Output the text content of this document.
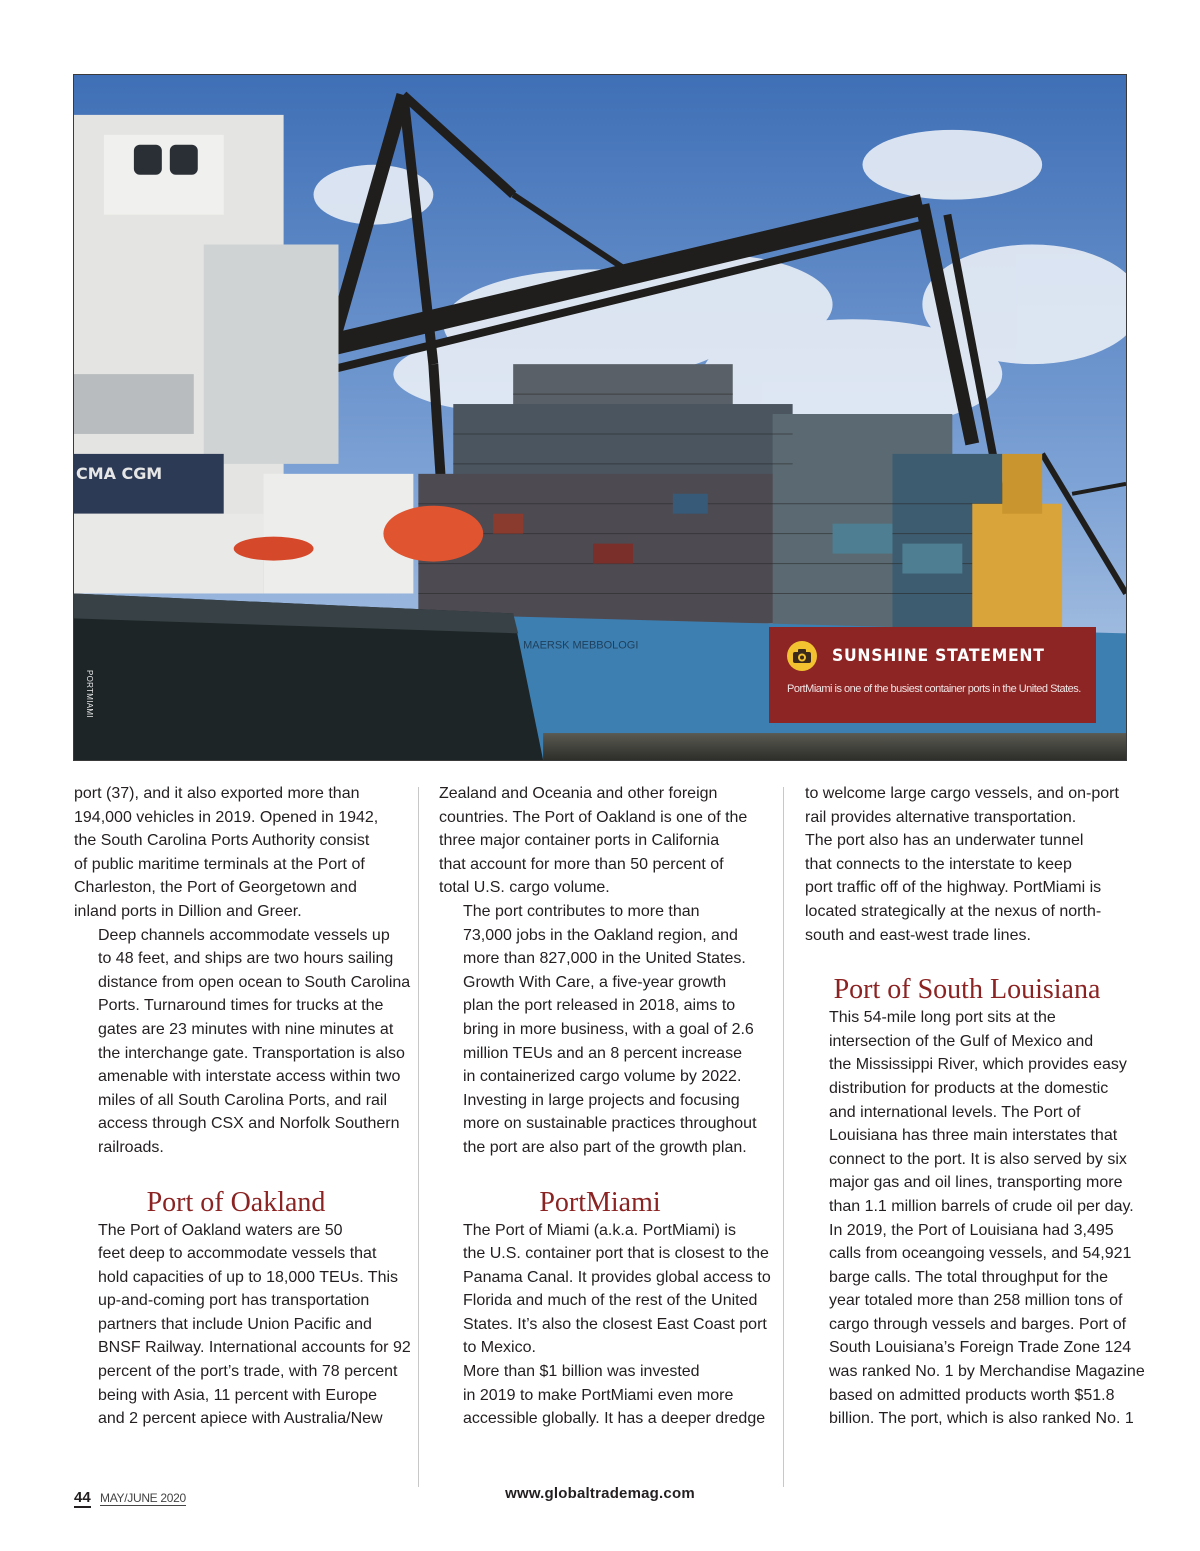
MAERSK MEBBOLOGI
CMA CGM
PORTMIAMI
SUNSHINE STATEMENT
PortMiami is one of the busiest container ports in the United States.

port (37), and it also exported more than
194,000 vehicles in 2019. Opened in 1942,
the South Carolina Ports Authority consist
of public maritime terminals at the Port of
Charleston, the Port of Georgetown and
inland ports in Dillion and Greer.

Deep channels accommodate vessels up
to 48 feet, and ships are two hours sailing
distance from open ocean to South Carolina
Ports. Turnaround times for trucks at the
gates are 23 minutes with nine minutes at
the interchange gate. Transportation is also
amenable with interstate access within two
miles of all South Carolina Ports, and rail
access through CSX and Norfolk Southern
railroads.

Port of Oakland

The Port of Oakland waters are 50
feet deep to accommodate vessels that
hold capacities of up to 18,000 TEUs. This
up-and-coming port has transportation
partners that include Union Pacific and
BNSF Railway. International accounts for 92
percent of the port’s trade, with 78 percent
being with Asia, 11 percent with Europe
and 2 percent apiece with Australia/New

Zealand and Oceania and other foreign
countries. The Port of Oakland is one of the
three major container ports in California
that account for more than 50 percent of
total U.S. cargo volume.

The port contributes to more than
73,000 jobs in the Oakland region, and
more than 827,000 in the United States.
Growth With Care, a five-year growth
plan the port released in 2018, aims to
bring in more business, with a goal of 2.6
million TEUs and an 8 percent increase
in containerized cargo volume by 2022.
Investing in large projects and focusing
more on sustainable practices throughout
the port are also part of the growth plan.

PortMiami

The Port of Miami (a.k.a. PortMiami) is
the U.S. container port that is closest to the
Panama Canal. It provides global access to
Florida and much of the rest of the United
States. It’s also the closest East Coast port
to Mexico.

More than $1 billion was invested
in 2019 to make PortMiami even more
accessible globally. It has a deeper dredge

to welcome large cargo vessels, and on-port
rail provides alternative transportation.
The port also has an underwater tunnel
that connects to the interstate to keep
port traffic off of the highway. PortMiami is
located strategically at the nexus of north-
south and east-west trade lines.

Port of South Louisiana

This 54-mile long port sits at the
intersection of the Gulf of Mexico and
the Mississippi River, which provides easy
distribution for products at the domestic
and international levels. The Port of
Louisiana has three main interstates that
connect to the port. It is also served by six
major gas and oil lines, transporting more
than 1.1 million barrels of crude oil per day.

In 2019, the Port of Louisiana had 3,495
calls from oceangoing vessels, and 54,921
barge calls. The total throughput for the
year totaled more than 258 million tons of
cargo through vessels and barges. Port of
South Louisiana’s Foreign Trade Zone 124
was ranked No. 1 by Merchandise Magazine
based on admitted products worth $51.8
billion. The port, which is also ranked No. 1

44 MAY/JUNE 2020	www.globaltrademag.com
